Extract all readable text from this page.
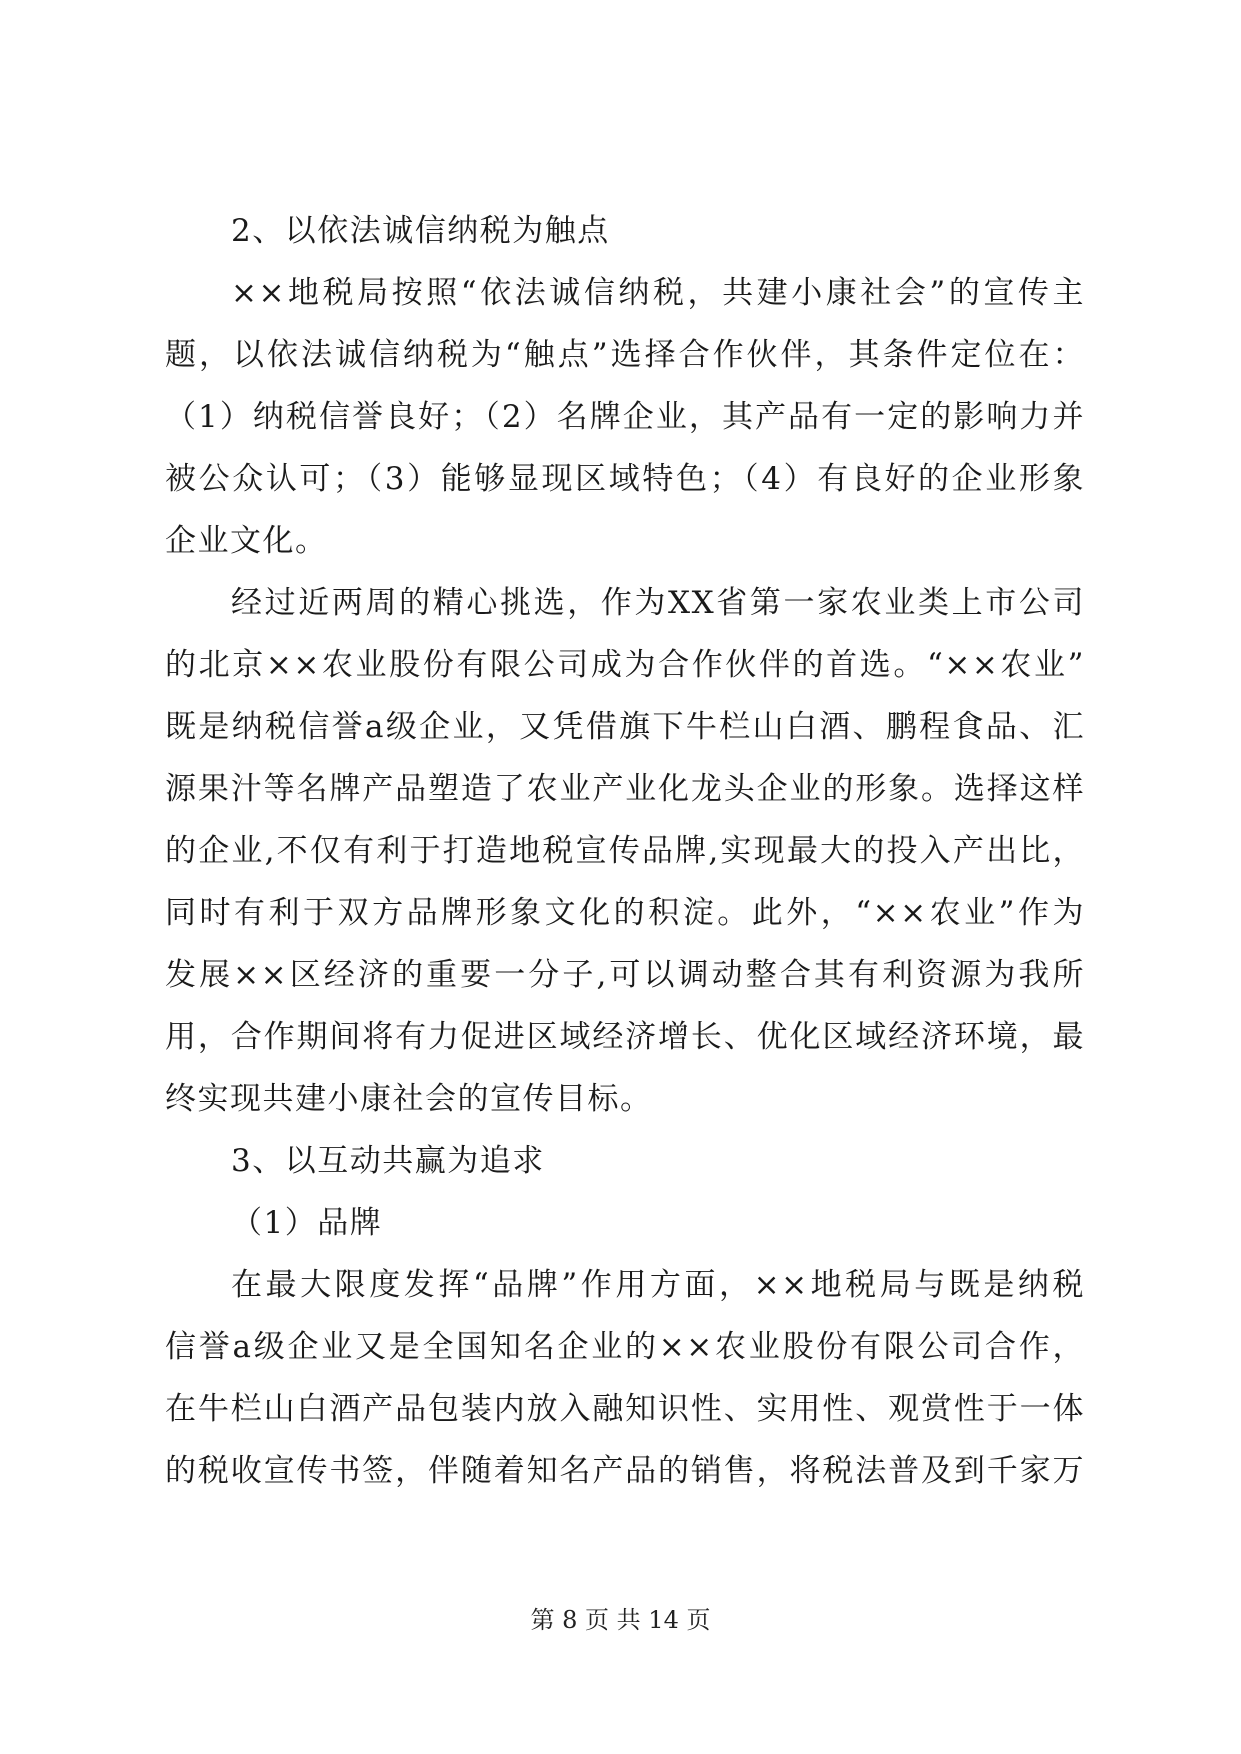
2、以依法诚信纳税为触点
××地税局按照“依法诚信纳税，共建小康社会”的宣传主
题，以依法诚信纳税为“触点”选择合作伙伴，其条件定位在：
（1）纳税信誉良好；（2）名牌企业，其产品有一定的影响力并
被公众认可；（3）能够显现区域特色；（4）有良好的企业形象
企业文化。
经过近两周的精心挑选，作为XX省第一家农业类上市公司
的北京××农业股份有限公司成为合作伙伴的首选。“××农业”
既是纳税信誉a级企业，又凭借旗下牛栏山白酒、鹏程食品、汇
源果汁等名牌产品塑造了农业产业化龙头企业的形象。选择这样
的企业,不仅有利于打造地税宣传品牌,实现最大的投入产出比，
同时有利于双方品牌形象文化的积淀。此外，“××农业”作为
发展××区经济的重要一分子,可以调动整合其有利资源为我所
用，合作期间将有力促进区域经济增长、优化区域经济环境，最
终实现共建小康社会的宣传目标。
3、以互动共赢为追求
（1）品牌
在最大限度发挥“品牌”作用方面，××地税局与既是纳税
信誉a级企业又是全国知名企业的××农业股份有限公司合作，
在牛栏山白酒产品包装内放入融知识性、实用性、观赏性于一体
的税收宣传书签，伴随着知名产品的销售，将税法普及到千家万
第 8 页 共 14 页
